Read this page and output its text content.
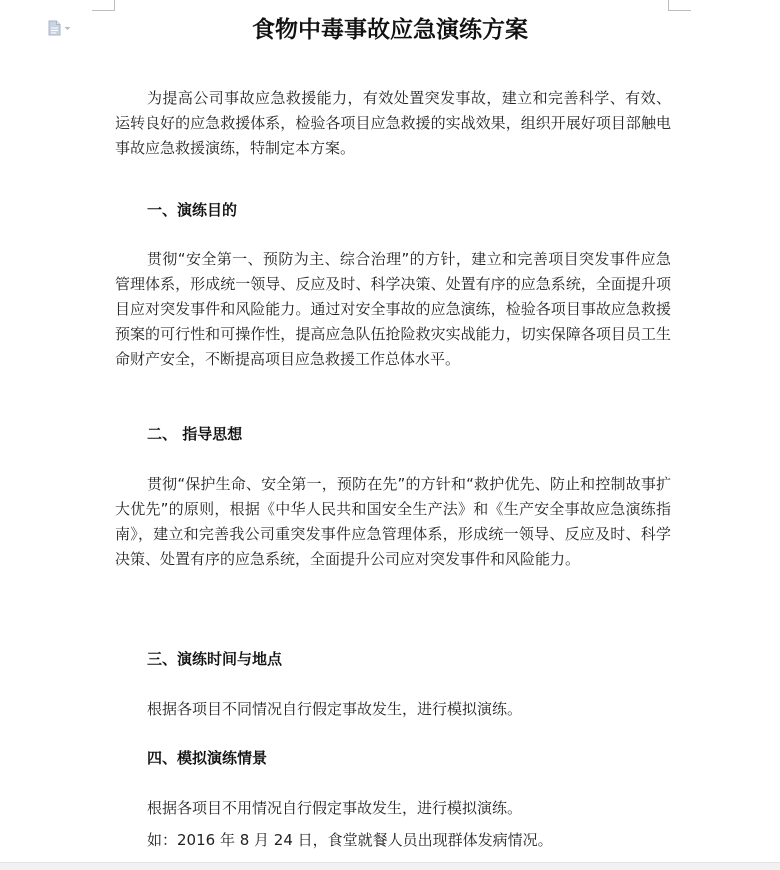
食物中毒事故应急演练方案

为提高公司事故应急救援能力，有效处置突发事故，建立和完善科学、有效、运转良好的应急救援体系，检验各项目应急救援的实战效果，组织开展好项目部触电事故应急救援演练，特制定本方案。

一、演练目的

贯彻“安全第一、预防为主、综合治理”的方针，建立和完善项目突发事件应急管理体系，形成统一领导、反应及时、科学决策、处置有序的应急系统，全面提升项目应对突发事件和风险能力。通过对安全事故的应急演练，检验各项目事故应急救援预案的可行性和可操作性，提高应急队伍抢险救灾实战能力，切实保障各项目员工生命财产安全，不断提高项目应急救援工作总体水平。

二、 指导思想

贯彻“保护生命、安全第一，预防在先”的方针和“救护优先、防止和控制故事扩大优先”的原则，根据《中华人民共和国安全生产法》和《生产安全事故应急演练指南》，建立和完善我公司重突发事件应急管理体系，形成统一领导、反应及时、科学决策、处置有序的应急系统，全面提升公司应对突发事件和风险能力。

三、演练时间与地点

根据各项目不同情况自行假定事故发生，进行模拟演练。

四、模拟演练情景

根据各项目不用情况自行假定事故发生，进行模拟演练。

如：2016 年 8 月 24 日，食堂就餐人员出现群体发病情况。
